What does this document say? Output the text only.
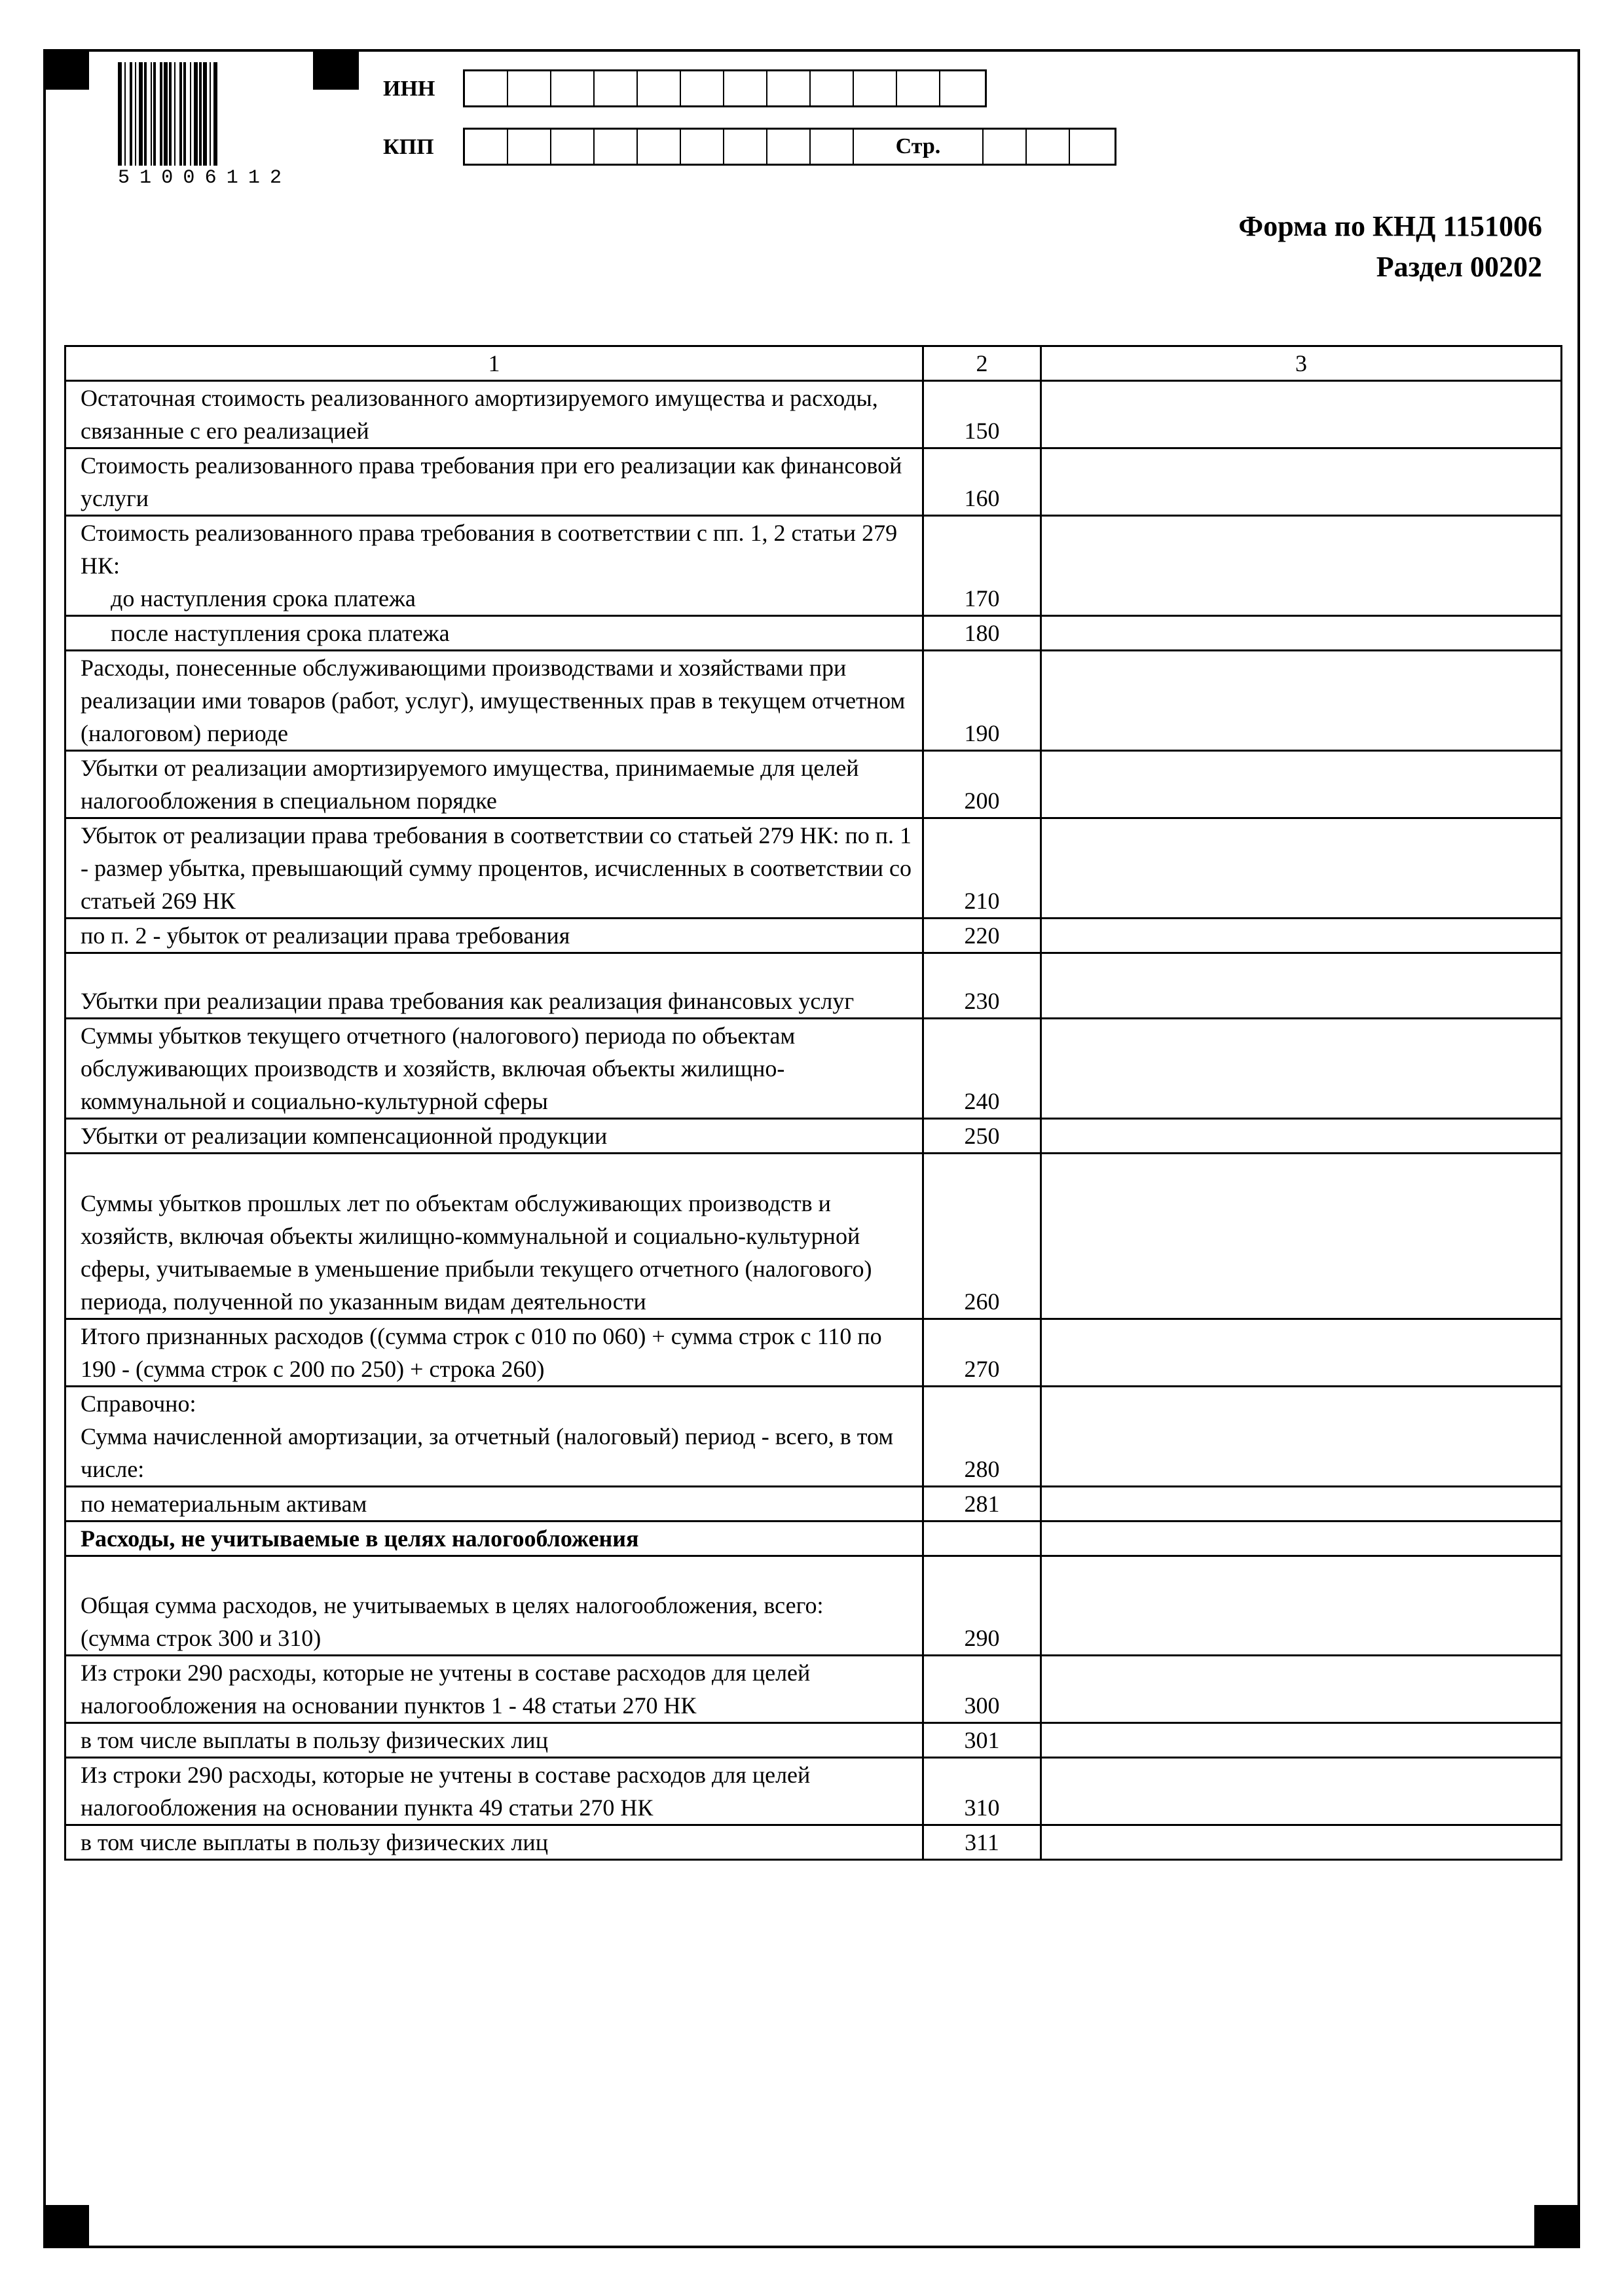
5 1 0 0 6 1 1 2
ИНН
КПП	Стр.
Форма по КНД 1151006
Раздел 00202
1	2	3
Остаточная стоимость реализованного амортизируемого имущества и расходы, связанные с его реализацией	150	
Стоимость реализованного права требования при его реализации как финансовой услуги	160	
Стоимость реализованного права требования в соответствии с пп. 1, 2 статьи 279 НК:
до наступления срока платежа	170	
после наступления срока платежа	180	
Расходы, понесенные обслуживающими производствами и хозяйствами при реализации ими товаров (работ, услуг), имущественных прав в текущем отчетном (налоговом) периоде	190	
Убытки от реализации амортизируемого имущества, принимаемые для целей налогообложения в специальном порядке	200	
Убыток от реализации права требования в соответствии со статьей 279 НК: по п. 1 - размер убытка, превышающий сумму процентов, исчисленных в соответствии со статьей 269 НК	210	
по п. 2 - убыток от реализации права требования	220	
Убытки при реализации права требования как реализация финансовых услуг	230	
Суммы убытков текущего отчетного (налогового) периода по объектам обслуживающих производств и хозяйств, включая объекты жилищно-коммунальной и социально-культурной сферы	240	
Убытки от реализации компенсационной продукции	250	
Суммы убытков прошлых лет по объектам обслуживающих производств и хозяйств, включая объекты жилищно-коммунальной и социально-культурной сферы, учитываемые в уменьшение прибыли текущего отчетного (налогового) периода, полученной по указанным видам деятельности	260	
Итого признанных расходов ((сумма строк с 010 по 060) + сумма строк с 110 по 190 - (сумма строк с 200 по 250) + строка 260)	270	
Справочно:
Сумма начисленной амортизации, за отчетный (налоговый) период - всего, в том числе:	280	
по нематериальным активам	281	
Расходы, не учитываемые в целях налогообложения		
Общая сумма расходов, не учитываемых в целях налогообложения, всего:
(сумма строк 300 и 310)	290	
Из строки 290 расходы, которые не учтены в составе расходов для целей налогообложения на основании пунктов 1 - 48 статьи 270 НК	300	
в том числе выплаты в пользу физических лиц	301	
Из строки 290 расходы, которые не учтены в составе расходов для целей налогообложения на основании пункта 49 статьи 270 НК	310	
в том числе выплаты в пользу физических лиц	311	
